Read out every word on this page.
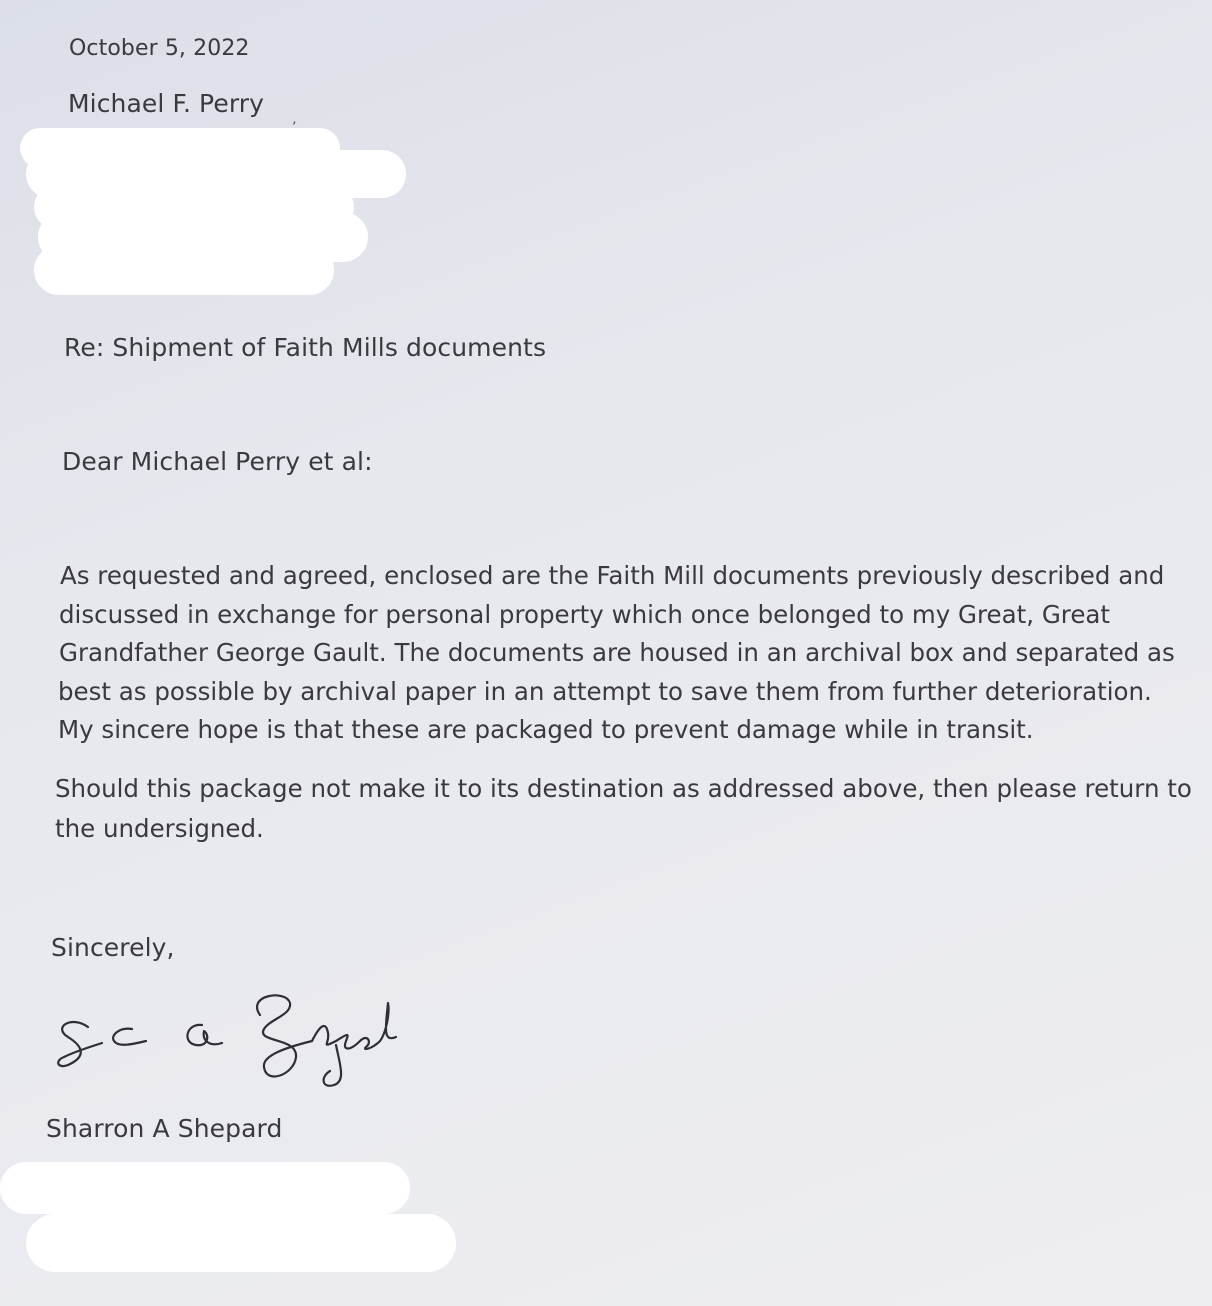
October 5, 2022
Michael F. Perry
Re: Shipment of Faith Mills documents
Dear Michael Perry et al:
As requested and agreed, enclosed are the Faith Mill documents previously described and
discussed in exchange for personal property which once belonged to my Great, Great
Grandfather George Gault. The documents are housed in an archival box and separated as
best as possible by archival paper in an attempt to save them from further deterioration.
My sincere hope is that these are packaged to prevent damage while in transit.
Should this package not make it to its destination as addressed above, then please return to
the undersigned.
Sincerely,
Sharron A Shepard
